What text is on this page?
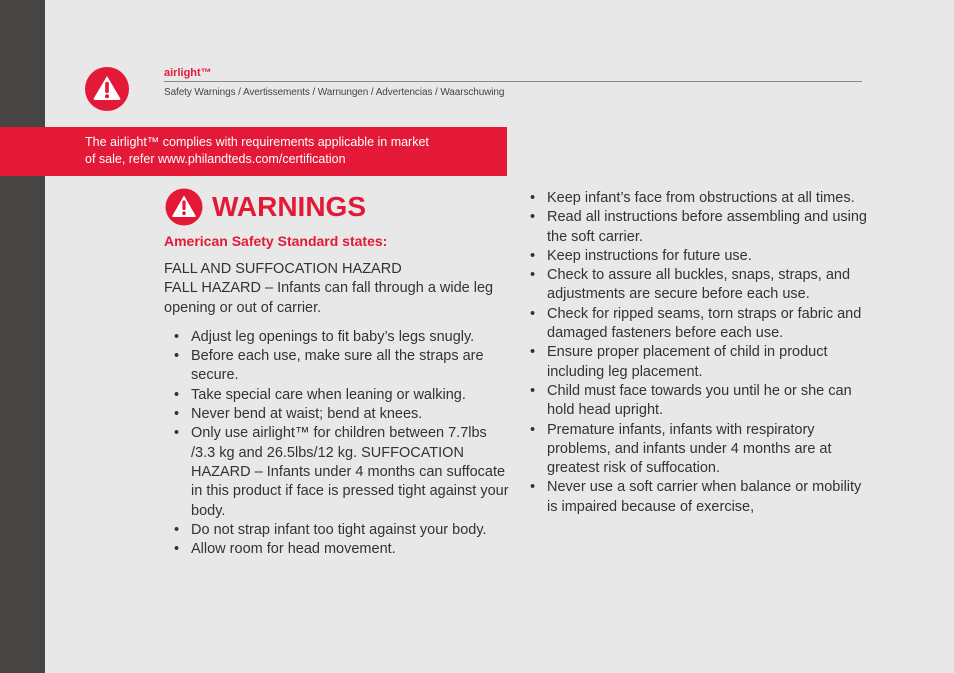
airlight™
Safety Warnings / Avertissements / Warnungen / Advertencias / Waarschuwing
The airlight™ complies with requirements applicable in market
of sale, refer www.philandteds.com/certification
WARNINGS
American Safety Standard states:

FALL AND SUFFOCATION HAZARD

FALL HAZARD – Infants can fall through a wide leg opening or out of carrier.

• Adjust leg openings to fit baby’s legs snugly.
• Before each use, make sure all the straps are secure.
• Take special care when leaning or walking.
• Never bend at waist; bend at knees.
• Only use airlight™ for children between 7.7lbs /3.3 kg and 26.5lbs/12 kg. SUFFOCATION HAZARD – Infants under 4 months can suffocate in this product if face is pressed tight against your body.
• Do not strap infant too tight against your body.
• Allow room for head movement.
• Keep infant’s face from obstructions at all times.
• Read all instructions before assembling and using the soft carrier.
• Keep instructions for future use.
• Check to assure all buckles, snaps, straps, and adjustments are secure before each use.
• Check for ripped seams, torn straps or fabric and damaged fasteners before each use.
• Ensure proper placement of child in product including leg placement.
• Child must face towards you until he or she can hold head upright.
• Premature infants, infants with respiratory problems, and infants under 4 months are at greatest risk of suffocation.
• Never use a soft carrier when balance or mobility is impaired because of exercise,
